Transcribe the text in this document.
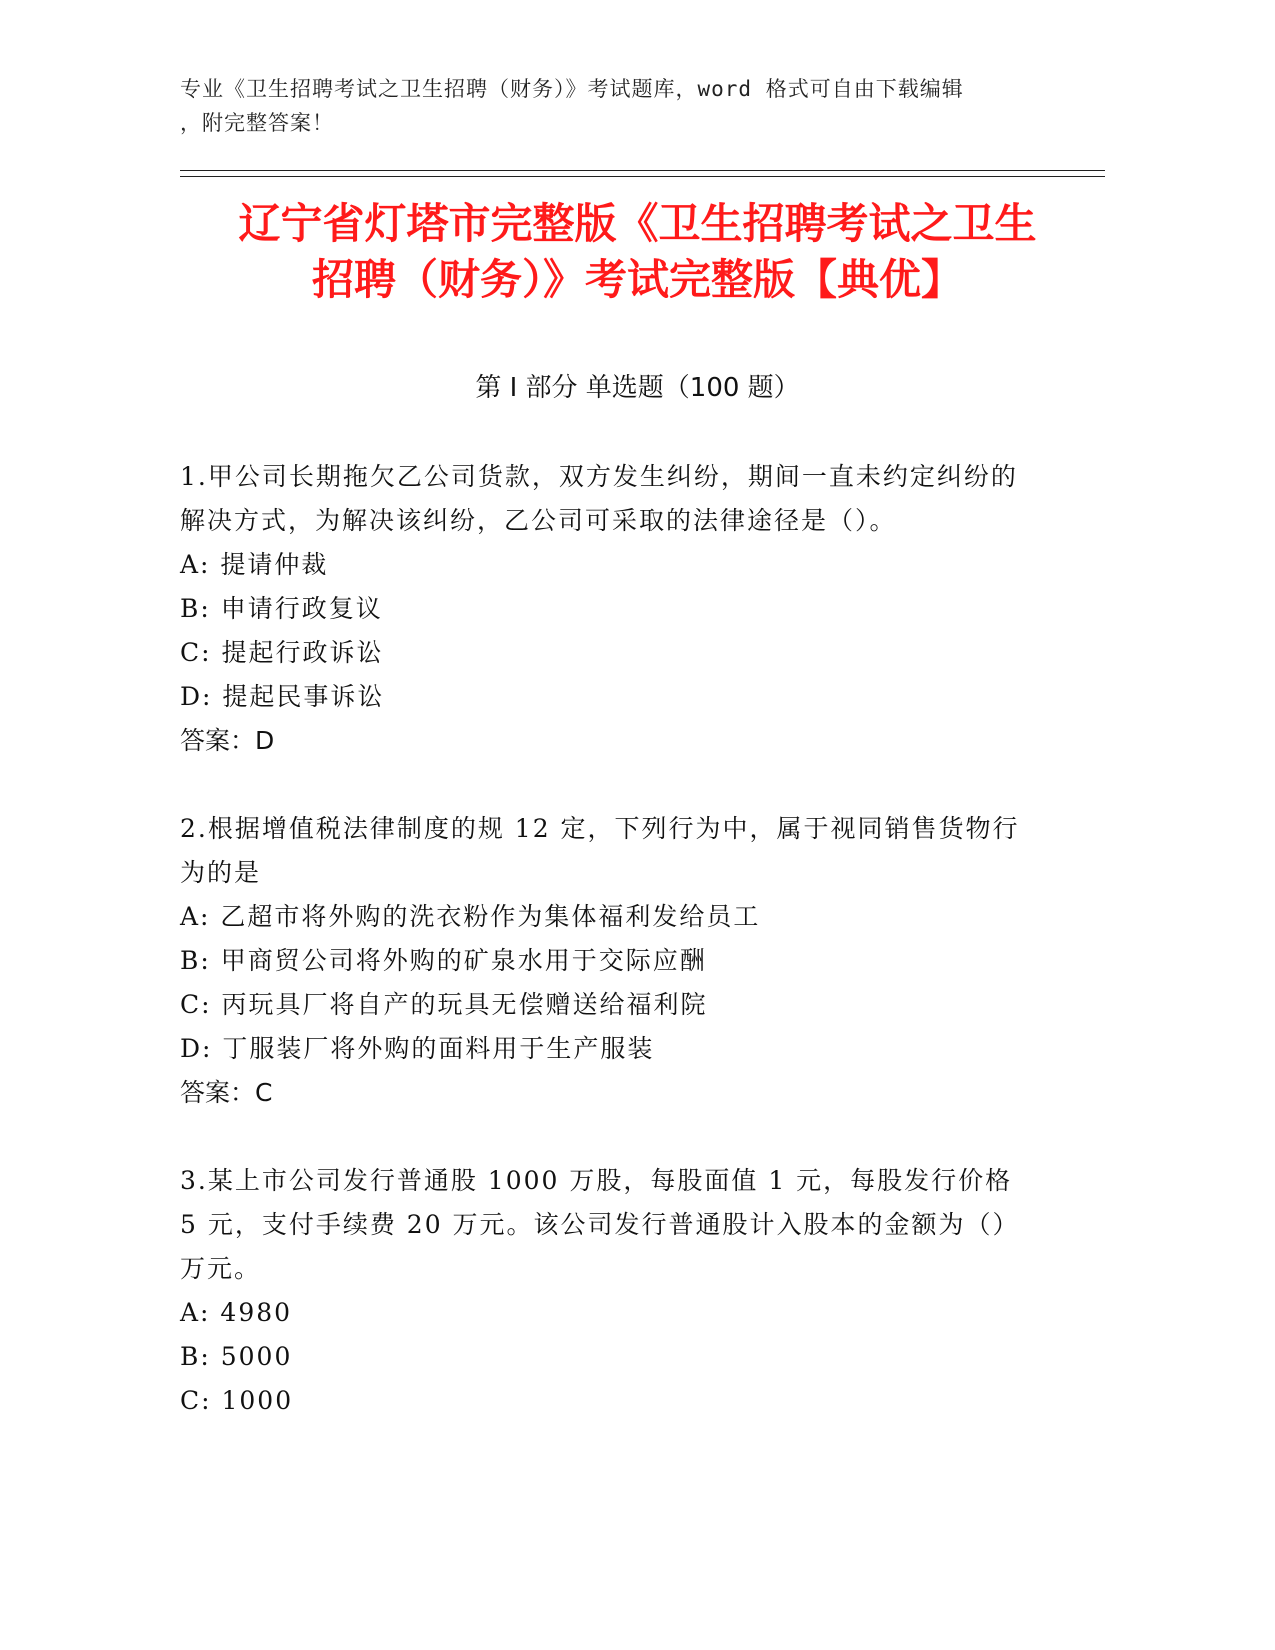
专业《卫生招聘考试之卫生招聘（财务）》考试题库，word 格式可自由下载编辑
，附完整答案！
辽宁省灯塔市完整版《卫生招聘考试之卫生
招聘（财务）》考试完整版【典优】
第 I 部分 单选题（100 题）

1.甲公司长期拖欠乙公司货款，双方发生纠纷，期间一直未约定纠纷的解决方式，为解决该纠纷，乙公司可采取的法律途径是（）。

A: 提请仲裁

B: 申请行政复议

C: 提起行政诉讼

D: 提起民事诉讼

答案：D

2.根据增值税法律制度的规 12 定，下列行为中，属于视同销售货物行为的是

A: 乙超市将外购的洗衣粉作为集体福利发给员工

B: 甲商贸公司将外购的矿泉水用于交际应酬

C: 丙玩具厂将自产的玩具无偿赠送给福利院

D: 丁服装厂将外购的面料用于生产服装

答案：C

3.某上市公司发行普通股 1000 万股，每股面值 1 元，每股发行价格 5 元，支付手续费 20 万元。该公司发行普通股计入股本的金额为（）万元。

A: 4980

B: 5000

C: 1000
